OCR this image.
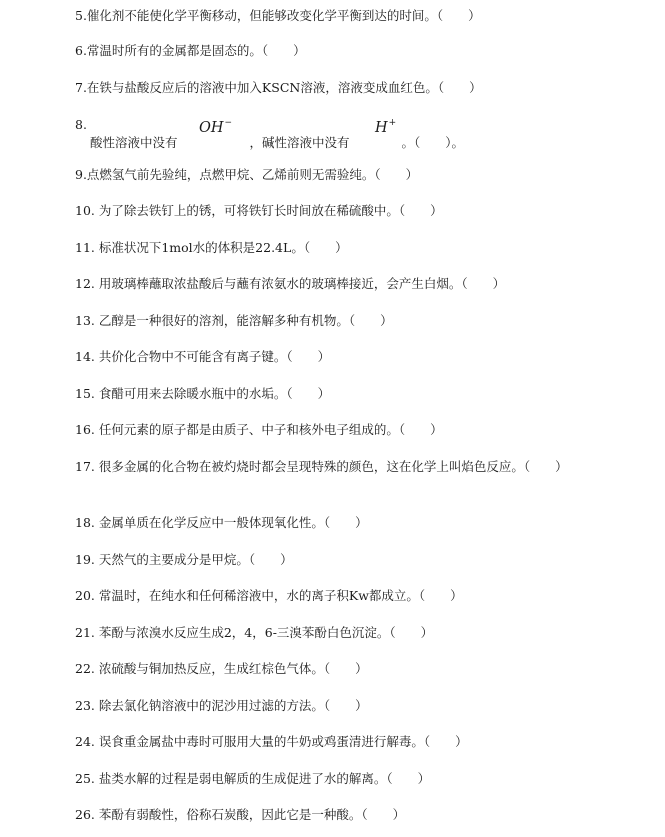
5.催化剂不能使化学平衡移动，但能够改变化学平衡到达的时间。（　　）
6.常温时所有的金属都是固态的。（　　）
7.在铁与盐酸反应后的溶液中加入KSCN溶液，溶液变成血红色。（　　）
8.
酸性溶液中没有	，碱性溶液中没有	。（　　）。
OH−	H+
9.点燃氢气前先验纯，点燃甲烷、乙烯前则无需验纯。（　　）
10. 为了除去铁钉上的锈，可将铁钉长时间放在稀硫酸中。（　　）
11. 标准状况下1mol水的体积是22.4L。（　　）
12. 用玻璃棒蘸取浓盐酸后与蘸有浓氨水的玻璃棒接近，会产生白烟。（　　）
13. 乙醇是一种很好的溶剂，能溶解多种有机物。（　　）
14. 共价化合物中不可能含有离子键。（　　）
15. 食醋可用来去除暖水瓶中的水垢。（　　）
16. 任何元素的原子都是由质子、中子和核外电子组成的。（　　）
17. 很多金属的化合物在被灼烧时都会呈现特殊的颜色，这在化学上叫焰色反应。（　　）
18. 金属单质在化学反应中一般体现氧化性。（　　）
19. 天然气的主要成分是甲烷。（　　）
20. 常温时，在纯水和任何稀溶液中，水的离子积Kw都成立。（　　）
21. 苯酚与浓溴水反应生成2，4，6-三溴苯酚白色沉淀。（　　）
22. 浓硫酸与铜加热反应，生成红棕色气体。（　　）
23. 除去氯化钠溶液中的泥沙用过滤的方法。（　　）
24. 误食重金属盐中毒时可服用大量的牛奶或鸡蛋清进行解毒。（　　）
25. 盐类水解的过程是弱电解质的生成促进了水的解离。（　　）
26. 苯酚有弱酸性，俗称石炭酸，因此它是一种酸。（　　）
